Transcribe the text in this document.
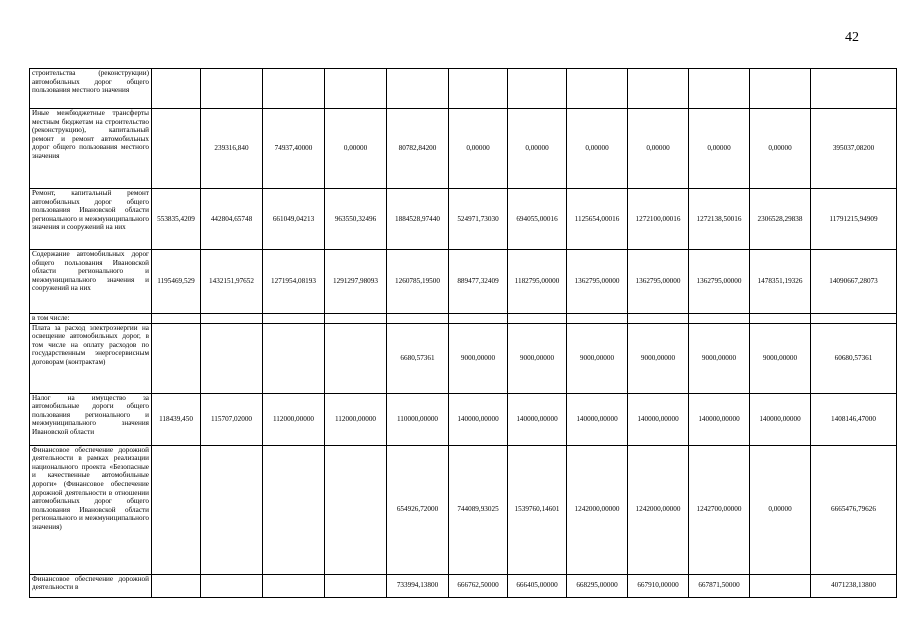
42
строительства (реконструкции) автомобильных дорог общего пользования местного значения												
Иные межбюджетные трансферты местным бюджетам на строительство (реконструкцию), капитальный ремонт и ремонт автомобильных дорог общего пользования местного значения		239316,840	74937,40000	0,00000	80782,84200	0,00000	0,00000	0,00000	0,00000	0,00000	0,00000	395037,08200
Ремонт, капитальный ремонт автомобильных дорог общего пользования Ивановской области регионального и межмуниципального значения и сооружений на них	553835,4209	442804,65748	661049,04213	963550,32496	1884528,97440	524971,73030	694055,00016	1125654,00016	1272100,00016	1272138,50016	2306528,29838	11791215,94909
Содержание автомобильных дорог общего пользования Ивановской области регионального и межмуниципального значения и сооружений на них	1195469,529	1432151,97652	1271954,08193	1291297,98093	1260785,19500	889477,32409	1182795,00000	1362795,00000	1362795,00000	1362795,00000	1478351,19326	14090667,28073
в том числе:												
Плата за расход электроэнергии на освещение автомобильных дорог, в том числе на оплату расходов по государственным энергосервисным договорам (контрактам)					6680,57361	9000,00000	9000,00000	9000,00000	9000,00000	9000,00000	9000,00000	60680,57361
Налог на имущество за автомобильные дороги общего пользования регионального и межмуниципального значения Ивановской области	118439,450	115707,02000	112000,00000	112000,00000	110000,00000	140000,00000	140000,00000	140000,00000	140000,00000	140000,00000	140000,00000	1408146,47000
Финансовое обеспечение дорожной деятельности в рамках реализации национального проекта «Безопасные и качественные автомобильные дороги» (Финансовое обеспечение дорожной деятельности в отношении автомобильных дорог общего пользования Ивановской области регионального и межмуниципального значения)					654926,72000	744089,93025	1539760,14601	1242000,00000	1242000,00000	1242700,00000	0,00000	6665476,79626
Финансовое обеспечение дорожной деятельности в					733994,13800	666762,50000	666405,00000	668295,00000	667910,00000	667871,50000		4071238,13800
